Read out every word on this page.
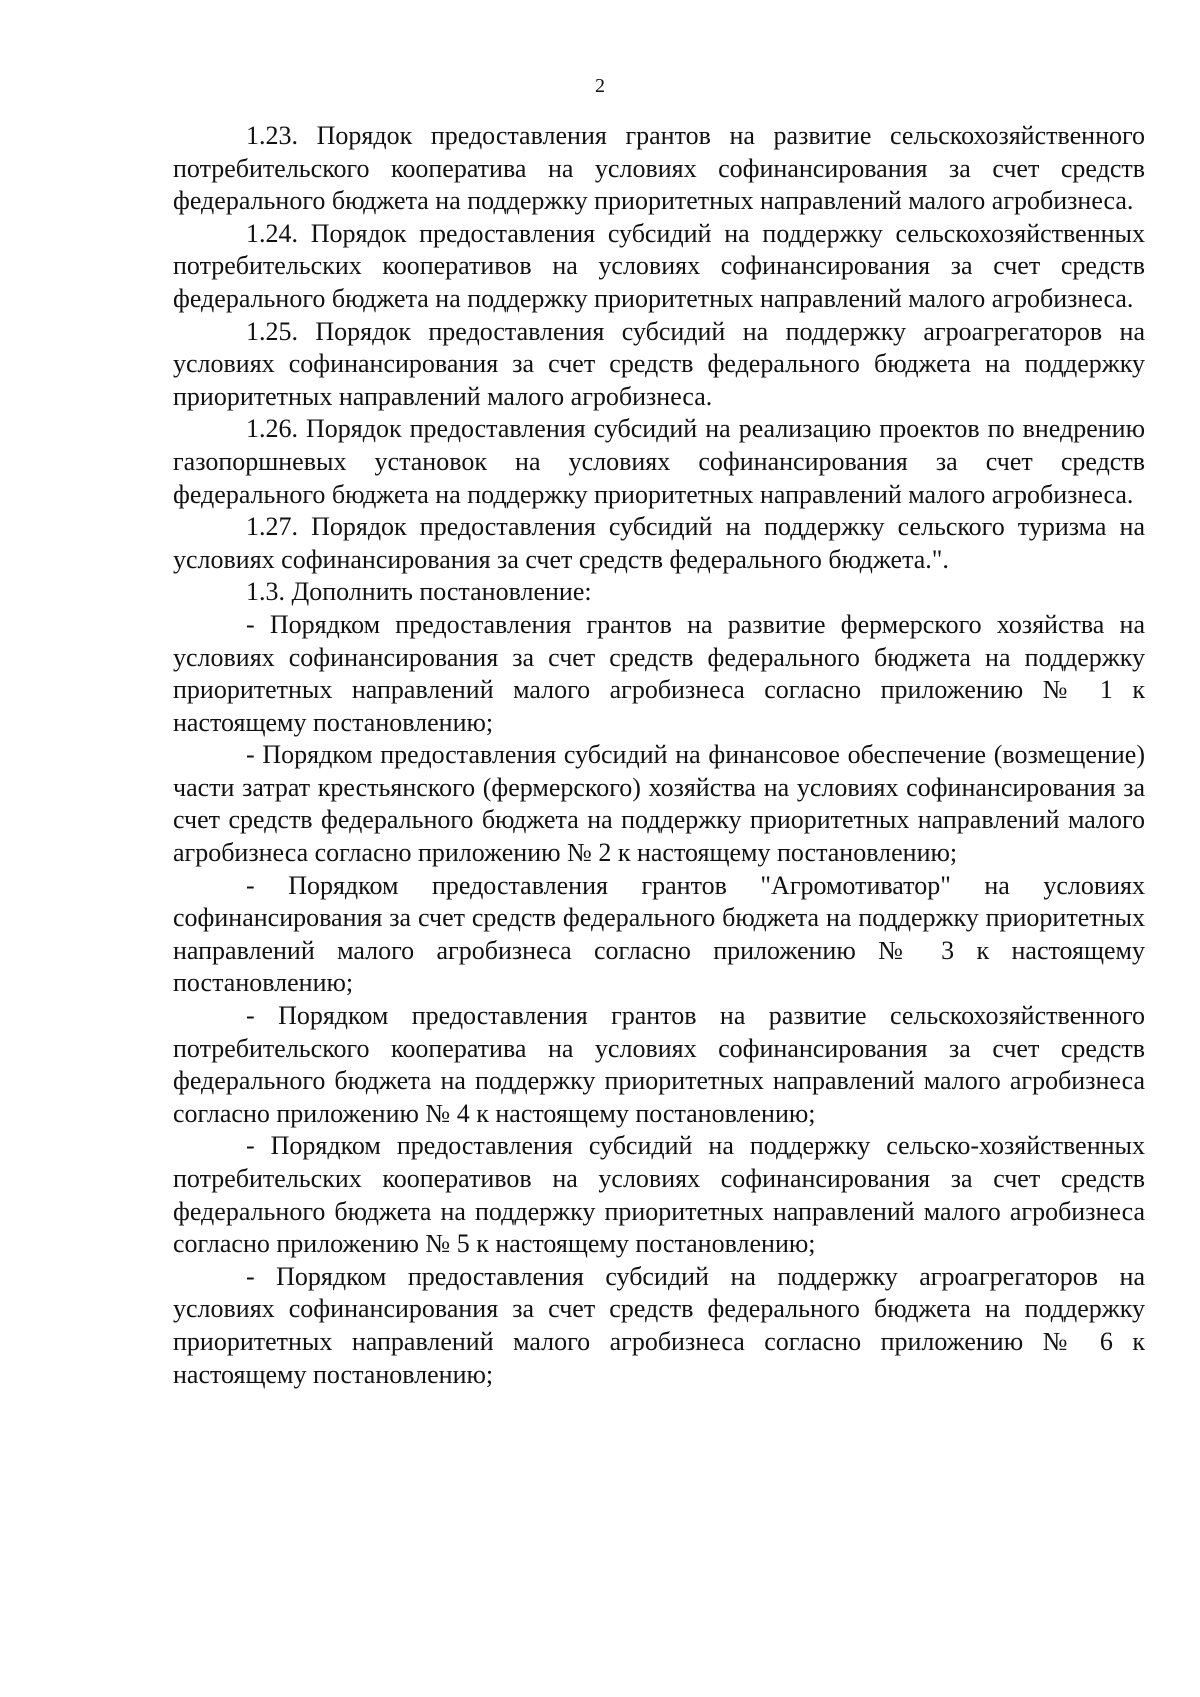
2

1.23. Порядок предоставления грантов на развитие сельскохозяйственного потребительского кооператива на условиях софинансирования за счет средств федерального бюджета на поддержку приоритетных направлений малого агробизнеса.

1.24. Порядок предоставления субсидий на поддержку сельскохозяйственных потребительских кооперативов на условиях софинансирования за счет средств федерального бюджета на поддержку приоритетных направлений малого агробизнеса.

1.25. Порядок предоставления субсидий на поддержку агроагрегаторов на условиях софинансирования за счет средств федерального бюджета на поддержку приоритетных направлений малого агробизнеса.

1.26. Порядок предоставления субсидий на реализацию проектов по внедрению газопоршневых установок на условиях софинансирования за счет средств федерального бюджета на поддержку приоритетных направлений малого агробизнеса.

1.27. Порядок предоставления субсидий на поддержку сельского туризма на условиях софинансирования за счет средств федерального бюджета.".

1.3. Дополнить постановление:

- Порядком предоставления грантов на развитие фермерского хозяйства на условиях софинансирования за счет средств федерального бюджета на поддержку приоритетных направлений малого агробизнеса согласно приложению № 1 к настоящему постановлению;

- Порядком предоставления субсидий на финансовое обеспечение (возмещение) части затрат крестьянского (фермерского) хозяйства на условиях софинансирования за счет средств федерального бюджета на поддержку приоритетных направлений малого агробизнеса согласно приложению № 2 к настоящему постановлению;

- Порядком предоставления грантов "Агромотиватор" на условиях софинансирования за счет средств федерального бюджета на поддержку приоритетных направлений малого агробизнеса согласно приложению № 3 к настоящему постановлению;

- Порядком предоставления грантов на развитие сельскохозяйственного потребительского кооператива на условиях софинансирования за счет средств федерального бюджета на поддержку приоритетных направлений малого агробизнеса согласно приложению № 4 к настоящему постановлению;

- Порядком предоставления субсидий на поддержку сельско-хозяйственных потребительских кооперативов на условиях софинансирования за счет средств федерального бюджета на поддержку приоритетных направлений малого агробизнеса согласно приложению № 5 к настоящему постановлению;

- Порядком предоставления субсидий на поддержку агроагрегаторов на условиях софинансирования за счет средств федерального бюджета на поддержку приоритетных направлений малого агробизнеса согласно приложению № 6 к настоящему постановлению;
